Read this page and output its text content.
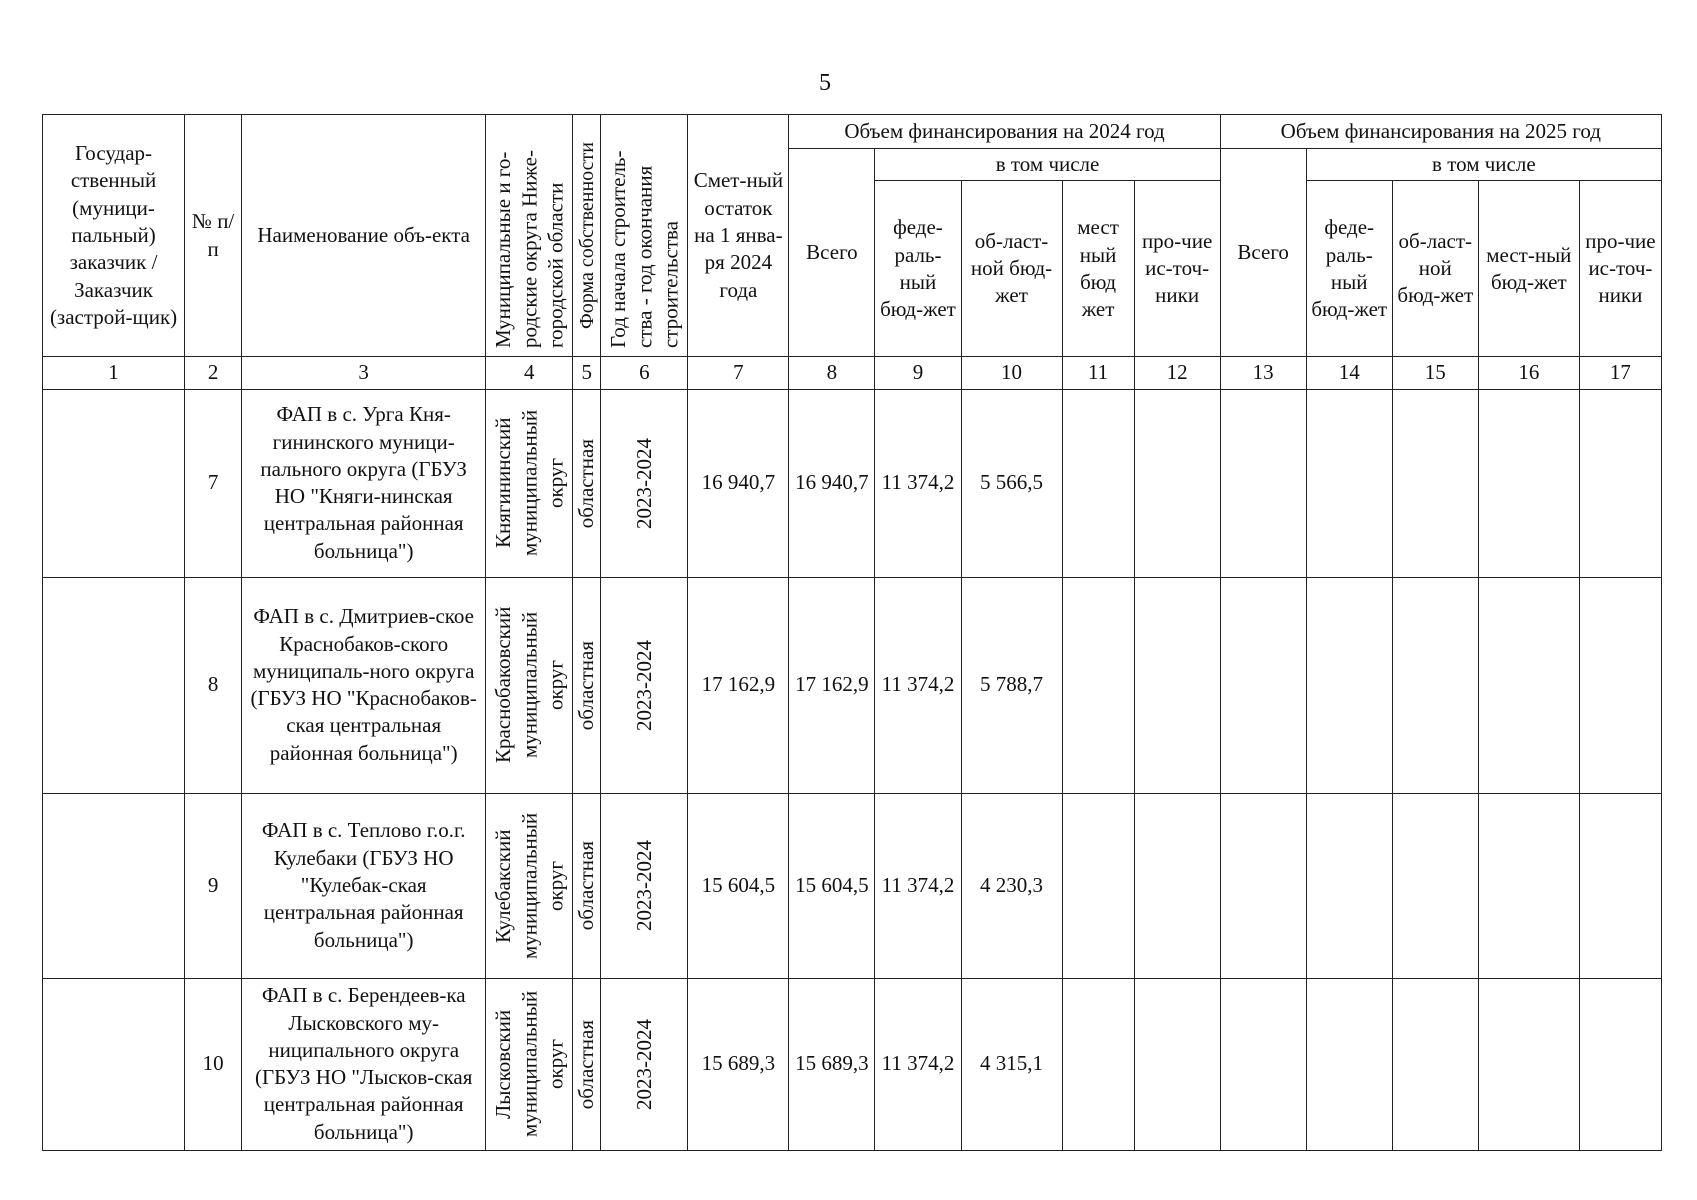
5
Государ-ственный (муници-пальный) заказчик / Заказчик (застрой-щик)	№ п/п	Наименование объ-екта	Муниципальные и го-родские округа Ниже-городской области	Форма собственности	Год начала строитель-ства - год окончания строительства	Смет-ный остаток на 1 янва-ря 2024 года	Объем финансирования на 2024 год					Объем финансирования на 2025 год				
							Всего	в том числе				Всего	в том числе			
								феде-раль-ный бюд-жет	об-ласт-ной бюд-жет	мест ный бюд жет	про-чие ис-точ-ники		феде-раль-ный бюд-жет	об-ласт-ной бюд-жет	мест-ный бюд-жет	про-чие ис-точ-ники
1	2	3	4	5	6	7	8	9	10	11	12	13	14	15	16	17
	7	ФАП в с. Урга Кня-гининского муници-пального округа (ГБУЗ НО "Княги-нинская центральная районная больница")	Княгининский муниципальный округ	областная	2023-2024	16 940,7	16 940,7	11 374,2	5 566,5							
	8	ФАП в с. Дмитриев-ское Краснобаков-ского муниципаль-ного округа (ГБУЗ НО "Краснобаков-ская центральная районная больница")	Краснобаковский муниципальный округ	областная	2023-2024	17 162,9	17 162,9	11 374,2	5 788,7							
	9	ФАП в с. Теплово г.о.г. Кулебаки (ГБУЗ НО "Кулебак-ская центральная районная больница")	Кулебакский муниципальный округ	областная	2023-2024	15 604,5	15 604,5	11 374,2	4 230,3							
	10	ФАП в с. Берендеев-ка Лысковского му-ниципального округа (ГБУЗ НО "Лысков-ская центральная районная больница")	Лысковский муниципальный округ	областная	2023-2024	15 689,3	15 689,3	11 374,2	4 315,1							
